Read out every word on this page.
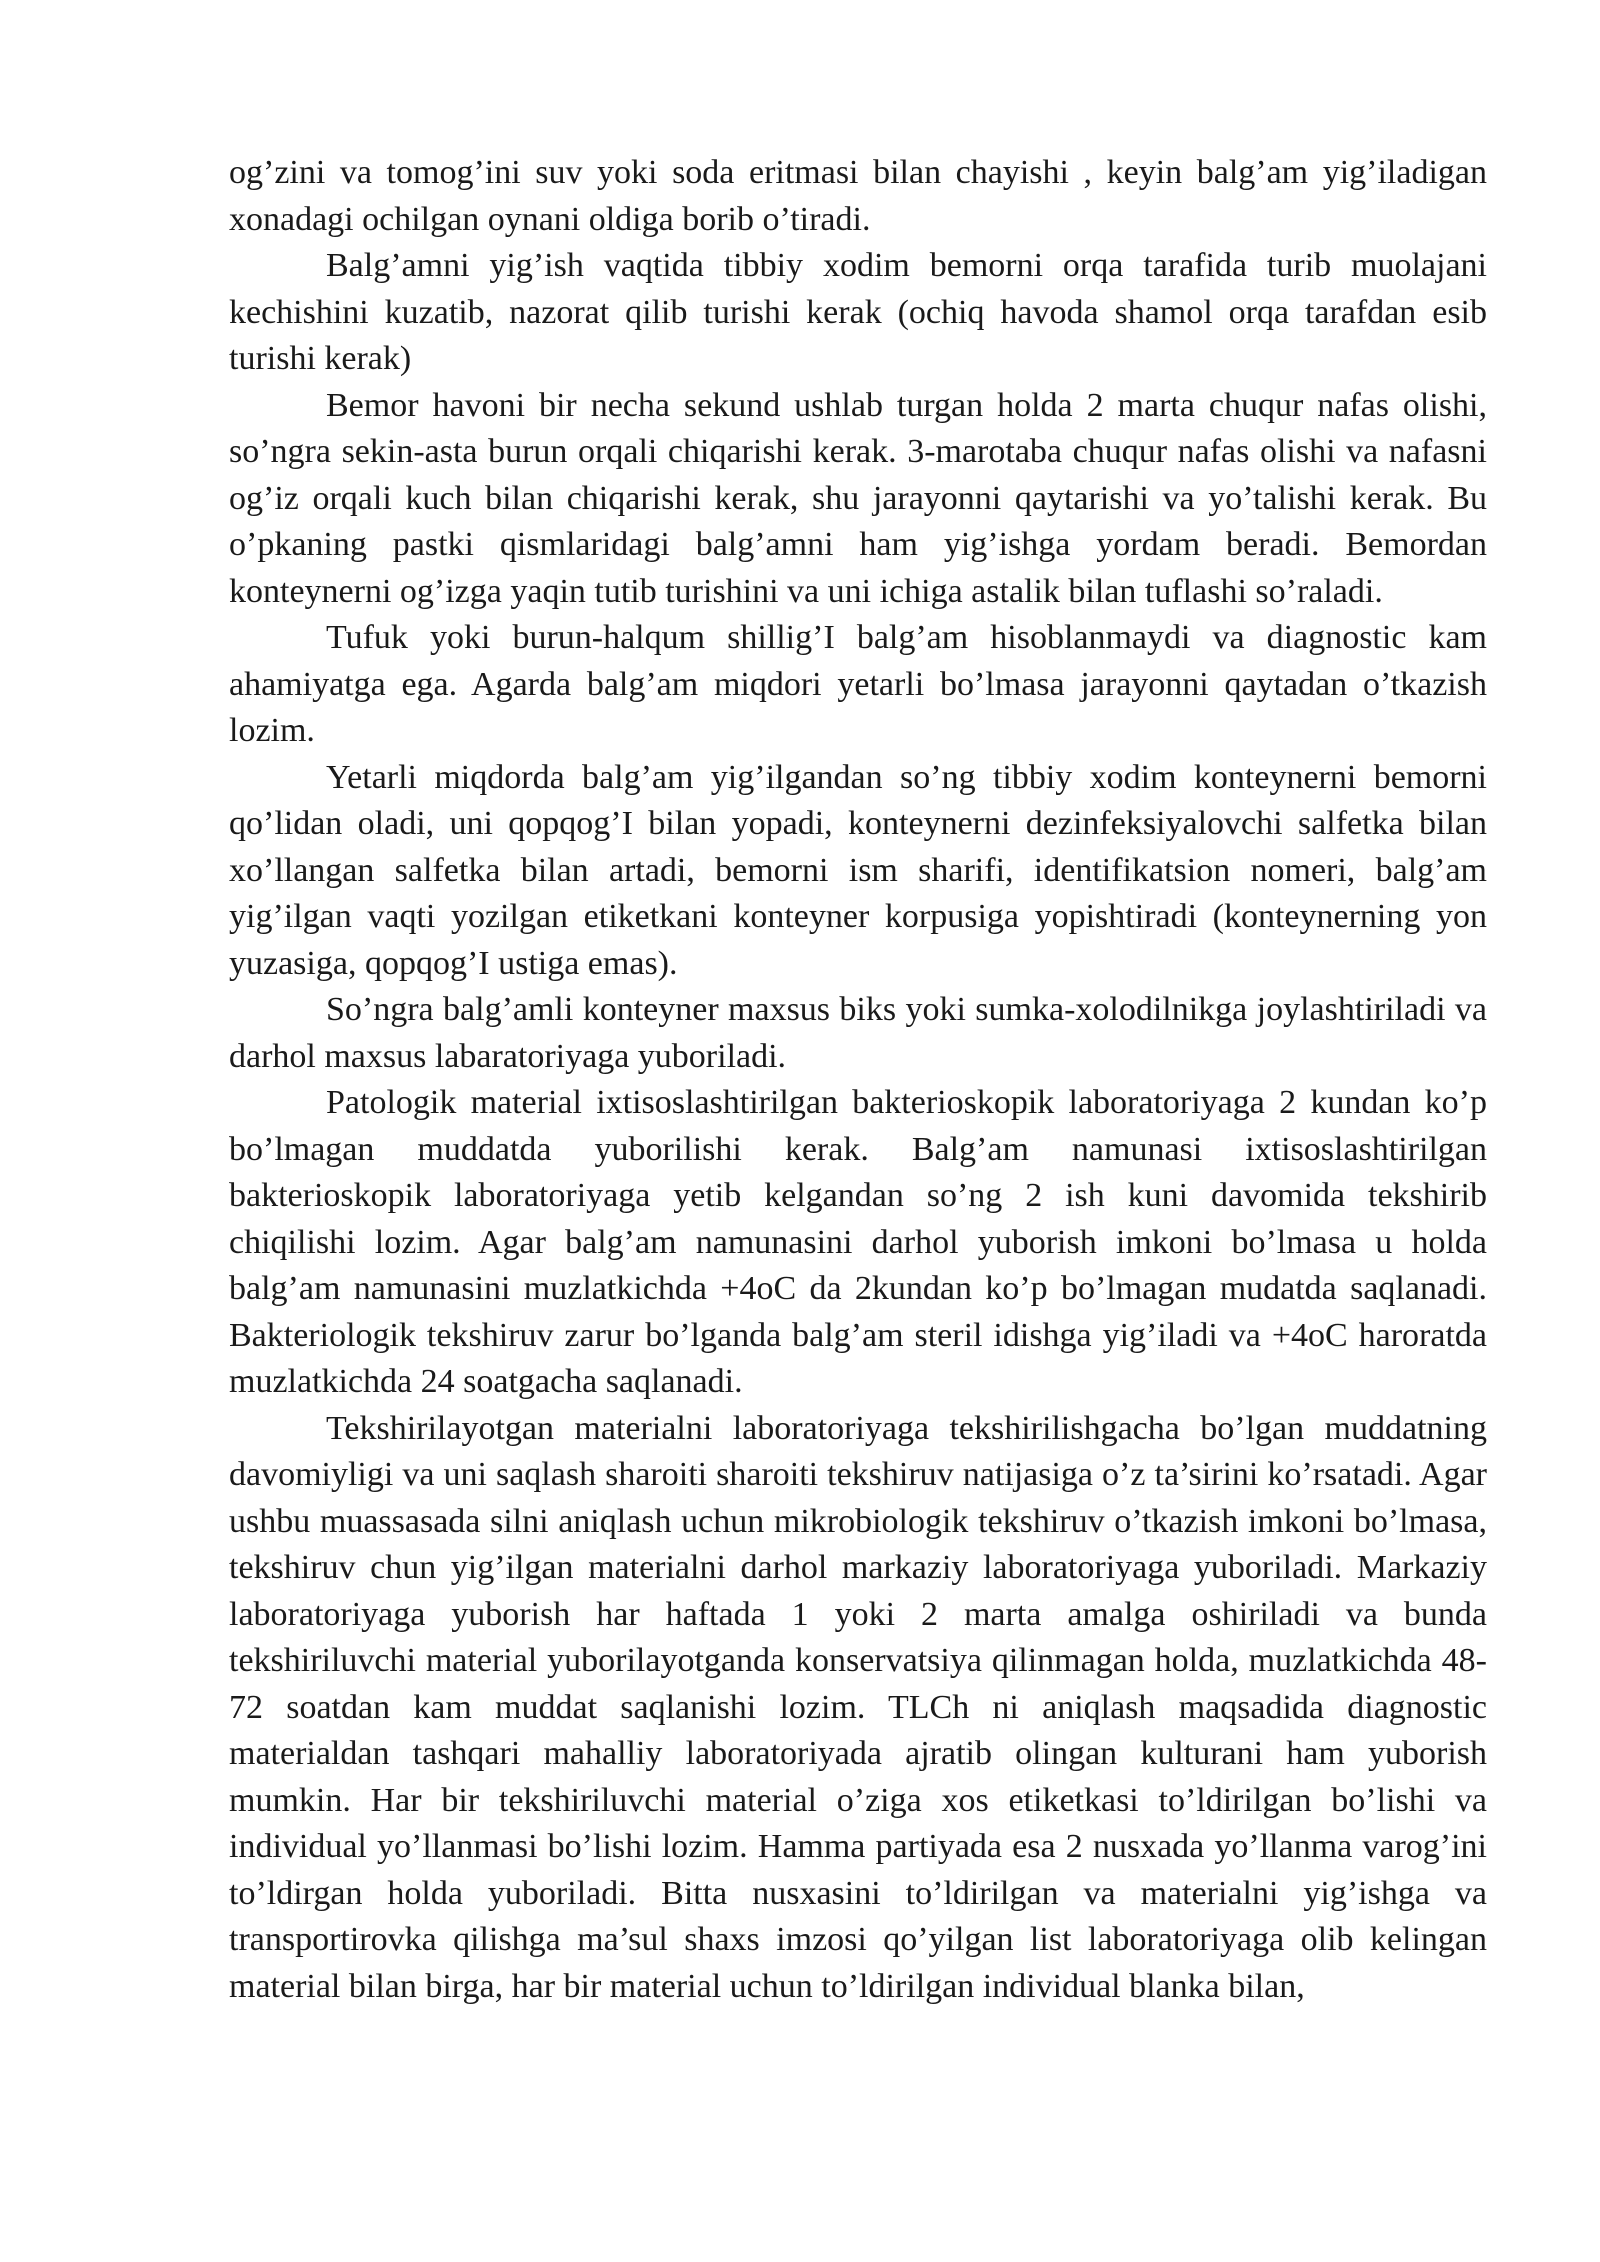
og’zini va tomog’ini suv yoki soda eritmasi bilan chayishi , keyin balg’am yig’iladigan xonadagi ochilgan oynani oldiga borib o’tiradi.

Balg’amni yig’ish vaqtida tibbiy xodim bemorni orqa tarafida turib muolajani kechishini kuzatib, nazorat qilib turishi kerak (ochiq havoda shamol orqa tarafdan esib turishi kerak)

Bemor havoni bir necha sekund ushlab turgan holda 2 marta chuqur nafas olishi, so’ngra sekin-asta burun orqali chiqarishi kerak. 3-marotaba chuqur nafas olishi va nafasni og’iz orqali kuch bilan chiqarishi kerak, shu jarayonni qaytarishi va yo’talishi kerak. Bu o’pkaning pastki qismlaridagi balg’amni ham yig’ishga yordam beradi. Bemordan konteynerni og’izga yaqin tutib turishini va uni ichiga astalik bilan tuflashi so’raladi.

Tufuk yoki burun-halqum shillig’I balg’am hisoblanmaydi va diagnostic kam ahamiyatga ega. Agarda balg’am miqdori yetarli bo’lmasa jarayonni qaytadan o’tkazish lozim.

Yetarli miqdorda balg’am yig’ilgandan so’ng tibbiy xodim konteynerni bemorni qo’lidan oladi, uni qopqog’I bilan yopadi, konteynerni dezinfeksiyalovchi salfetka bilan xo’llangan salfetka bilan artadi, bemorni ism sharifi, identifikatsion nomeri, balg’am yig’ilgan vaqti yozilgan etiketkani konteyner korpusiga yopishtiradi (konteynerning yon yuzasiga, qopqog’I ustiga emas).

So’ngra balg’amli konteyner maxsus biks yoki sumka-xolodilnikga joylashtiriladi va darhol maxsus labaratoriyaga yuboriladi.

Patologik material ixtisoslashtirilgan bakterioskopik laboratoriyaga 2 kundan ko’p bo’lmagan muddatda yuborilishi kerak. Balg’am namunasi ixtisoslashtirilgan bakterioskopik laboratoriyaga yetib kelgandan so’ng 2 ish kuni davomida tekshirib chiqilishi lozim. Agar balg’am namunasini darhol yuborish imkoni bo’lmasa u holda balg’am namunasini muzlatkichda +4oC da 2kundan ko’p bo’lmagan mudatda saqlanadi. Bakteriologik tekshiruv zarur bo’lganda balg’am steril idishga yig’iladi va +4oC haroratda muzlatkichda 24 soatgacha saqlanadi.

Tekshirilayotgan materialni laboratoriyaga tekshirilishgacha bo’lgan muddatning davomiyligi va uni saqlash sharoiti sharoiti tekshiruv natijasiga o’z ta’sirini ko’rsatadi. Agar ushbu muassasada silni aniqlash uchun mikrobiologik tekshiruv o’tkazish imkoni bo’lmasa, tekshiruv chun yig’ilgan materialni darhol markaziy laboratoriyaga yuboriladi. Markaziy laboratoriyaga yuborish har haftada 1 yoki 2 marta amalga oshiriladi va bunda tekshiriluvchi material yuborilayotganda konservatsiya qilinmagan holda, muzlatkichda 48-72 soatdan kam muddat saqlanishi lozim. TLCh ni aniqlash maqsadida diagnostic materialdan tashqari mahalliy laboratoriyada ajratib olingan kulturani ham yuborish mumkin. Har bir tekshiriluvchi material o’ziga xos etiketkasi to’ldirilgan bo’lishi va individual yo’llanmasi bo’lishi lozim. Hamma partiyada esa 2 nusxada yo’llanma varog’ini to’ldirgan holda yuboriladi. Bitta nusxasini to’ldirilgan va materialni yig’ishga va transportirovka qilishga ma’sul shaxs imzosi qo’yilgan list laboratoriyaga olib kelingan material bilan birga, har bir material uchun to’ldirilgan individual blanka bilan,
